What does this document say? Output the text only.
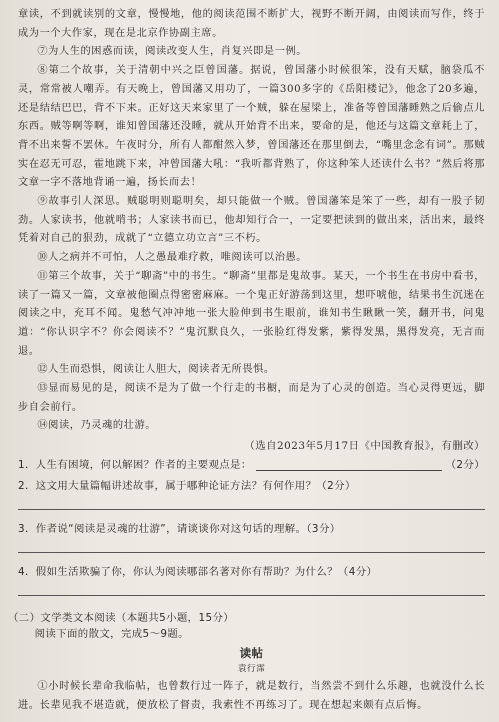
章读，不到就读别的文章，慢慢地，他的阅读范围不断扩大，视野不断开阔，由阅读而写作，终于成为一个大作家，现在是北京作协副主席。

⑦为人生的困惑而读，阅读改变人生，肖复兴即是一例。

⑧第二个故事，关于清朝中兴之臣曾国藩。据说，曾国藩小时候很笨，没有天赋，脑袋瓜不灵，常常被人嘲弄。有天晚上，曾国藩又用功了，一篇300多字的《岳阳楼记》，他念了20多遍，还是结结巴巴，背不下来。正好这天来家里了一个贼，躲在屋梁上，准备等曾国藩睡熟之后偷点儿东西。贼等啊等啊，谁知曾国藩还没睡，就从开始背不出来，要命的是，他还与这篇文章耗上了，背不出来誓不罢休。午夜时分，所有人都酣然入梦，曾国藩还在那里倒去，“嘴里念念有词”。那贼实在忍无可忍，霍地跳下来，冲曾国藩大吼：“我听都背熟了，你这种笨人还读什么书？”然后将那文章一字不落地背诵一遍，扬长而去！

⑨故事引人深思。贼聪明则聪明矣，却只能做一个贼。曾国藩笨是笨了一些，却有一股子韧劲。人家读书，他就啃书；人家读书而已，他却知行合一，一定要把读到的做出来，活出来，最终凭着对自己的狠劲，成就了“立德立功立言”三不朽。

⑩人之病并不可怕，人之愚最难疗救，唯阅读可以治愚。

⑪第三个故事，关于“聊斋”中的书生。“聊斋”里都是鬼故事。某天，一个书生在书房中看书，读了一篇又一篇，文章被他圈点得密密麻麻。一个鬼正好游荡到这里，想吓唬他，结果书生沉迷在阅读之中，充耳不闻。鬼愁气冲冲地一张大脸伸到书生眼前，谁知书生瞅瞅一笑，翻开书，问鬼道：“你认识字不？你会阅读不？”鬼沉默良久，一张脸红得发紫，紫得发黑，黑得发亮，无言而退。

⑫人生而恐惧，阅读让人胆大，阅读者无所畏惧。

⑬显而易见的是，阅读不是为了做一个行走的书橱，而是为了心灵的创造。当心灵得更远，脚步自会前行。

⑭阅读，乃灵魂的壮游。

（选自2023年5月17日《中国教育报》，有删改）

1．人生有困境，何以解困？作者的主要观点是：	（2分）

2．这文用大量篇幅讲述故事，属于哪种论证方法？有何作用？（2分）

3．作者说“阅读是灵魂的壮游”，请谈谈你对这句话的理解。（3分）

4．假如生活欺骗了你，你认为阅读哪部名著对你有帮助？为什么？（4分）

（二）文学类文本阅读（本题共5小题，15分）

阅读下面的散文，完成5～9题。

读帖

袁行霈

①小时候长辈命我临帖，也曾数行过一阵子，就是数行，当然尝不到什么乐趣，也就没什么长进。长辈见我不堪造就，便放松了督责，我索性不再练习了。现在想起来颇有点后悔。
